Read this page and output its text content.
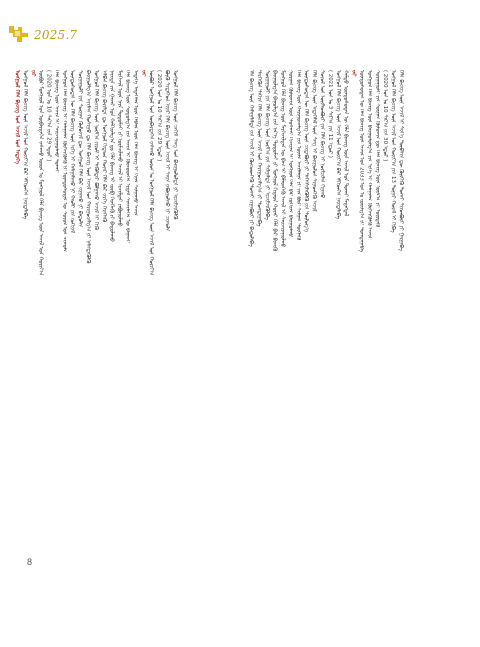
2025.7
ᠮᠤᠩᠭᠤᠯ ᠬᠡᠯᠡ ᠪᠢᠴᠢᠭ ᠤᠨ ᠠᠵᠢᠯ ᠤᠨ ᠮᠡᠳᠡᠭᠡ ᠮᠣᠩᠭᠣᠯ ᠬᠡᠯᠡ ᠪᠢᠴᠢᠭ ᠦᠨ ᠠᠵᠢᠯ ᠤᠨ ᠬᠣᠷᠢᠶ᠎ᠠ ᠪᠠᠷ ᠡᠮᠬᠢᠳᠬᠡᠨ ᠨᠡᠢᠲᠡᠯᠡᠪᠡ ᠵᠠᠷ ᠥᠪᠦᠷ ᠮᠣᠩᠭᠣᠯ ᠤᠨ ᠥᠪᠡᠷᠲᠡᠭᠡᠨ ᠵᠠᠰᠠᠬᠤ ᠣᠷᠣᠨ ᠤ ᠮᠣᠩᠭᠣᠯ ᠬᠡᠯᠡ ᠪᠢᠴᠢᠭ ᠦᠨ ᠠᠵᠢᠯ ᠤᠨ ᠬᠣᠷᠢᠶ᠎ᠠ ( 2020 ᠣᠨ ᠤ 10 ᠰᠠᠷ᠎ᠠ ᠶᠢᠨ 29 ᠡᠳᠦᠷ ) ᠬᠡᠯᠡ ᠪᠢᠴᠢᠭ ᠦᠨ ᠠᠵᠢᠯ ᠢ ᠰᠠᠢᠵᠢᠷᠠᠭᠤᠯᠬᠤ ᠲᠤᠬᠠᠢ ᠮᠣᠩᠭᠣᠯ ᠬᠡᠯᠡ ᠪᠢᠴᠢᠭ ᠢ ᠬᠠᠮᠠᠭᠠᠯᠠᠨ ᠬᠥᠭᠵᠢᠭᠦᠯᠬᠦ ᠨᠢ ᠦᠨᠳᠦᠰᠦᠲᠡᠨ ᠦ ᠰᠣᠶᠣᠯ ᠤᠨ ᠴᠢᠬᠤᠯᠠ ᠦᠨᠳᠦᠰᠦᠲᠡᠨ ᠦ ᠬᠡᠯᠡ ᠪᠢᠴᠢᠭ ᠦᠨ ᠡᠷᠬᠡ ᠢ ᠬᠠᠮᠠᠭᠠᠯᠠᠬᠤ ᠨᠢ ᠬᠠᠤᠯᠢ ᠶᠢᠨ ᠵᠣᠬᠢᠶᠠᠯ ᠰᠤᠷᠭᠠᠭᠤᠯᠢ ᠶᠢᠨ ᠰᠤᠷᠭᠠᠨ ᠬᠦᠮᠦᠵᠢᠯ ᠳᠦ ᠮᠣᠩᠭᠣᠯ ᠬᠡᠯᠡ ᠪᠡᠷ ᠵᠢᠭᠠᠬᠤ ᠶᠢ ᠪᠠᠲᠤᠯᠠᠨ ᠪᠠᠢᠭᠤᠯᠯᠭ᠎ᠠ ᠠᠶᠢᠮᠠᠭ ᠬᠣᠰᠢᠭᠤ ᠳᠤ ᠬᠡᠯᠡ ᠪᠢᠴᠢᠭ ᠦᠨ ᠠᠵᠢᠯ ᠤᠨ ᠬᠠᠷᠢᠭᠤᠴᠠᠯᠭ᠎ᠠ ᠶᠢ ᠨᠡᠮᠡᠭᠳᠡᠭᠦᠯᠬᠦ ᠮᠣᠩᠭᠣᠯ ᠬᠡᠯᠡ ᠪᠢᠴᠢᠭ ᠦᠨ ᠨᠣᠷᠮ᠎ᠠ ᠵᠢᠷᠤᠮ ᠢ ᠲᠡᠭᠦᠯᠳᠡᠷ ᠪᠣᠯᠭᠠᠬᠤ ᠠᠵᠢᠯ ᠢ ᠬᠢᠬᠦ ᠠᠯᠪᠠᠨ ᠪᠢᠴᠢᠭ ᠪᠠᠷᠢᠮᠲᠠ ᠳᠤ ᠮᠣᠩᠭᠣᠯ ᠬᠢᠲᠠᠳ ᠬᠣᠶᠠᠷ ᠬᠡᠯᠡ ᠪᠡᠷ ᠵᠡᠷᠭᠡ ᠬᠡᠷᠡᠭᠯᠡᠬᠦ ᠨᠡᠶᠢᠲᠡ ᠶᠢᠨ ᠭᠠᠵᠠᠷ ᠤᠨ ᠬᠠᠮᠬᠢᠷᠠᠯᠭ᠎ᠠ ᠳᠤ ᠬᠡᠯᠡ ᠪᠢᠴᠢᠭ ᠢ ᠵᠥᠪ ᠬᠡᠷᠡᠭᠯᠡᠬᠦ ᠶᠢ ᠪᠠᠲᠤᠯᠠᠬᠤ ᠮᠡᠷᠭᠡᠵᠢᠯ ᠦᠨ ᠨᠡᠷᠡ ᠳᠣᠳᠣᠮᠵᠢ ᠶᠢ ᠨᠣᠷᠮᠴᠢᠯᠠᠬᠤ ᠠᠵᠢᠯ ᠢ ᠡᠷᠴᠢᠮᠲᠡᠢ ᠶᠠᠪᠤᠭᠤᠯᠬᠤ ᠬᠡᠯᠡ ᠪᠢᠴᠢᠭ ᠦᠨ ᠰᠤᠳᠤᠯᠭ᠎ᠠ ᠶᠢᠨ ᠠᠵᠢᠯ ᠢ ᠬᠦᠴᠦᠳᠬᠡᠨ ᠡᠷᠳᠡᠮ ᠰᠢᠨᠵᠢᠯᠡᠭᠡᠨ ᠦ ᠪᠠᠭᠠᠵᠢ ᠮᠡᠳᠡᠭᠡ ᠮᠡᠳᠡᠭᠡᠯᠡᠯ ᠦᠨ ᠬᠡᠪᠯᠡᠯ ᠦᠨ ᠬᠡᠯᠡ ᠪᠢᠴᠢᠭ ᠢ ᠬᠢᠨᠠᠨ ᠰᠢᠯᠭᠠᠬᠤ ᠠᠵᠢᠯ ᠵᠠᠷ ᠥᠪᠦᠷ ᠮᠣᠩᠭᠣᠯ ᠤᠨ ᠥᠪᠡᠷᠲᠡᠭᠡᠨ ᠵᠠᠰᠠᠬᠤ ᠣᠷᠣᠨ ᠤ ᠮᠣᠩᠭᠣᠯ ᠬᠡᠯᠡ ᠪᠢᠴᠢᠭ ᠦᠨ ᠠᠵᠢᠯ ᠤᠨ ᠬᠣᠷᠢᠶ᠎ᠠ ( 2020 ᠣᠨ ᠤ 10 ᠰᠠᠷ᠎ᠠ ᠶᠢᠨ 29 ᠡᠳᠦᠷ ) ᠪᠦᠬᠦ ᠰᠢᠳᠡᠭᠡᠳ ᠢᠶᠡᠷ ᠬᠡᠯᠡ ᠪᠢᠴᠢᠭ ᠦᠨ ᠠᠵᠢᠯ ᠢ ᠰᠠᠢᠨ ᠶᠠᠪᠤᠭᠤᠯᠬᠤ ᠨᠢ ᠴᠢᠬᠤᠯᠠ ᠮᠣᠩᠭᠣᠯ ᠬᠡᠯᠡ ᠪᠢᠴᠢᠭ ᠦᠨ ᠴᠠᠬᠢᠮ ᠰᠠᠩ ᠤᠨ ᠪᠠᠢᠭᠤᠯᠤᠯᠲᠠ ᠶᠢ ᠡᠷᠴᠢᠮᠵᠢᠭᠦᠯᠬᠦ	ᠡᠯᠡ ᠪᠢᠴᠢᠭ ᠦᠨ ᠬᠠᠮᠠᠭᠠᠯᠠᠯᠲᠠ ᠶᠢᠨ ᠠᠵᠢᠯ ᠢ ᠬᠦᠴᠦᠳᠬᠡᠬᠦ ᠲᠤᠬᠠᠢ ᠵᠢᠭᠠᠪᠤᠷᠢ ᠶᠢ ᠪᠠᠲᠤᠯᠠᠪᠠ ᠲᠡᠷᠭᠡᠭᠦᠨ ᠳᠡᠭᠡᠷᠡ ᠬᠡᠯᠡ ᠪᠢᠴᠢᠭ ᠦᠨ ᠠᠵᠢᠯ ᠤᠨ ᠬᠠᠷᠢᠭᠤᠴᠠᠯᠭ᠎ᠠ ᠶᠢ ᠲᠣᠭᠲᠠᠭᠠᠪᠠ ᠰᠤᠷᠭᠠᠭᠤᠯᠢ ᠶᠢᠨ ᠬᠡᠯᠡ ᠪᠢᠴᠢᠭ ᠦᠨ ᠨᠣᠷᠮ᠎ᠠ ᠶᠢᠨ ᠰᠢᠯᠭᠠᠯᠲᠠ ᠶᠢ ᠡᠷᠴᠢᠮᠵᠢᠭᠦᠯᠪᠡ ᠪᠠᠢᠭᠤᠯᠭ᠎ᠠ ᠪᠠᠭᠤᠯᠭ᠎ᠠ ᠶᠢᠨ ᠨᠡᠷ᠎ᠡ ᠳᠣᠳᠣᠮᠵᠢ ᠶᠢ ᠮᠣᠩᠭᠣᠯ ᠬᠢᠲᠠᠳ ᠬᠣᠶᠠᠷ ᠬᠡᠯᠡ ᠪᠡᠷ ᠪᠢᠴᠢᠬᠦ ᠮᠣᠩᠭᠣᠯ ᠬᠡᠯᠡ ᠪᠢᠴᠢᠭ ᠦᠨ ᠮᠡᠷᠭᠡᠵᠢᠯᠲᠡᠨ ᠦ ᠪᠠᠭ ᠢ ᠪᠡᠯᠡᠳᠬᠡᠬᠦ ᠠᠵᠢᠯ ᠢ ᠰᠠᠢᠵᠢᠷᠠᠭᠤᠯᠬᠤ ᠰᠤᠷᠭᠠᠨ ᠬᠦᠮᠦᠵᠢᠯ ᠦᠨ ᠲᠤᠰᠬᠠᠢ ᠬᠢᠴᠢᠶᠡᠯ ᠢ ᠮᠣᠩᠭᠣᠯ ᠬᠡᠯᠡ ᠪᠡᠷ ᠵᠣᠬᠢᠶᠠᠨ ᠪᠠᠢᠭᠤᠯᠬᠤ ᠬᠡᠯᠡ ᠪᠢᠴᠢᠭ ᠦᠨ ᠬᠠᠷᠢᠭᠤᠴᠠᠯᠭ᠎ᠠ ᠶᠢᠨ ᠦᠢᠯᠡ ᠠᠵᠢᠯᠯᠠᠭᠠ ᠶᠢ ᠵᠢᠯ ᠪᠦᠷ ᠰᠢᠯᠭᠠᠨ ᠳᠦᠭᠨᠡᠬᠦ ᠦᠨᠳᠦᠰᠦᠲᠡᠨ ᠦ ᠬᠡᠯᠡ ᠪᠢᠴᠢᠭ ᠦᠨ ᠴᠢᠳᠠᠪᠤᠷᠢ ᠶᠢ ᠳᠡᠭᠡᠭᠰᠢᠯᠡᠭᠦᠯᠬᠦ ᠶᠢᠨ ᠲᠥᠯᠥᠭ᠎ᠡ ᠬᠡᠯᠡ ᠪᠢᠴᠢᠭ ᠦᠨ ᠮᠡᠳᠡᠭᠡᠯᠡᠯ ᠦᠨ ᠰᠠᠩ ᠢ ᠪᠠᠢᠭᠤᠯᠤᠨ ᠰᠢᠨᠡᠳᠬᠡᠬᠦ ᠠᠵᠢᠯ ᠰᠣᠶᠣᠯ ᠤᠨ ᠦᠢᠯᠡᠳᠪᠦᠷᠢ ᠶᠢᠨ ᠬᠡᠯᠡ ᠪᠢᠴᠢᠭ ᠢ ᠨᠣᠷᠮᠴᠢᠯᠠᠨ ᠬᠢᠨᠠᠬᠤ ( 2021 ᠣᠨ ᠤ 3 ᠰᠠᠷ᠎ᠠ ᠶᠢᠨ 11 ᠡᠳᠦᠷ ) ᠮᠣᠩᠭᠣᠯ ᠬᠡᠯᠡ ᠪᠢᠴᠢᠭ ᠦᠨ ᠠᠵᠢᠯ ᠤᠨ ᠬᠣᠷᠢᠶ᠎ᠠ ᠪᠠᠷ ᠡᠮᠬᠢᠳᠬᠡᠨ ᠨᠡᠢᠲᠡᠯᠡᠪᠡ ᠬᠠᠮᠲᠤ ᠦᠨᠳᠦᠰᠦᠲᠡᠨ ᠦ ᠬᠡᠯᠡ ᠪᠢᠴᠢᠭ ᠦᠨ ᠠᠵᠢᠯ ᠤᠨ ᠲᠤᠬᠠᠢ ᠮᠡᠳᠡᠭᠳᠡᠯ ᠵᠠᠷ ᠦᠨᠳᠦᠰᠦᠲᠡᠨ ᠦ ᠬᠡᠯᠡ ᠪᠢᠴᠢᠭ ᠦᠨ ᠠᠵᠢᠯ ᠤᠨ 2033 ᠣᠨ ᠤ ᠵᠣᠷᠢᠯᠭ᠎ᠠ ᠶᠢ ᠲᠣᠭᠲᠠᠭᠠᠪᠠ ᠮᠣᠩᠭᠣᠯ ᠬᠡᠯᠡ ᠪᠢᠴᠢᠭ ᠦᠨ ᠪᠠᠢᠭᠤᠯᠤᠯᠭ᠎ᠠ ᠶᠢᠨ ᠡᠷᠬᠡ ᠢ ᠬᠠᠮᠠᠭᠠᠯᠠᠨ ᠬᠥᠭᠵᠢᠭᠦᠯᠬᠦ ᠠᠵᠢᠯ ᠰᠤᠷᠭᠠᠭᠤᠯᠢ ᠶᠢᠨ ᠰᠤᠷᠭᠠᠨ ᠬᠦᠮᠦᠵᠢᠯ ᠳᠦ ᠬᠡᠯᠡ ᠪᠢᠴᠢᠭ ᠦᠨ ᠨᠣᠷᠮ᠎ᠠ ᠶᠢ ᠮᠥᠷᠳᠡᠬᠦ ( 2020 ᠣᠨ ᠤ 10 ᠰᠠᠷ᠎ᠠ ᠶᠢᠨ 30 ᠡᠳᠦᠷ ) ᠮᠣᠩᠭᠣᠯ ᠬᠡᠯᠡ ᠪᠢᠴᠢᠭ ᠦᠨ ᠠᠵᠢᠯ ᠤᠨ ᠬᠣᠷᠢᠶ᠎ᠠ ᠶᠢᠨ 13 ᠳᠤᠭᠠᠷ ᠬᠤᠷᠠᠯ ᠢ ᠬᠢᠪᠡ ᠬᠡᠯᠡ ᠪᠢᠴᠢᠭ ᠦᠨ ᠠᠵᠢᠯ ᠢ ᠰᠢᠨ᠎ᠡ ᠲᠥᠪᠰᠢᠨ ᠳᠦ ᠬᠥᠷᠭᠡᠬᠦ ᠲᠤᠬᠠᠢ ᠰᠢᠢᠳᠪᠦᠷᠢ ᠶᠢ ᠭᠠᠷᠭᠠᠪᠠ
8
